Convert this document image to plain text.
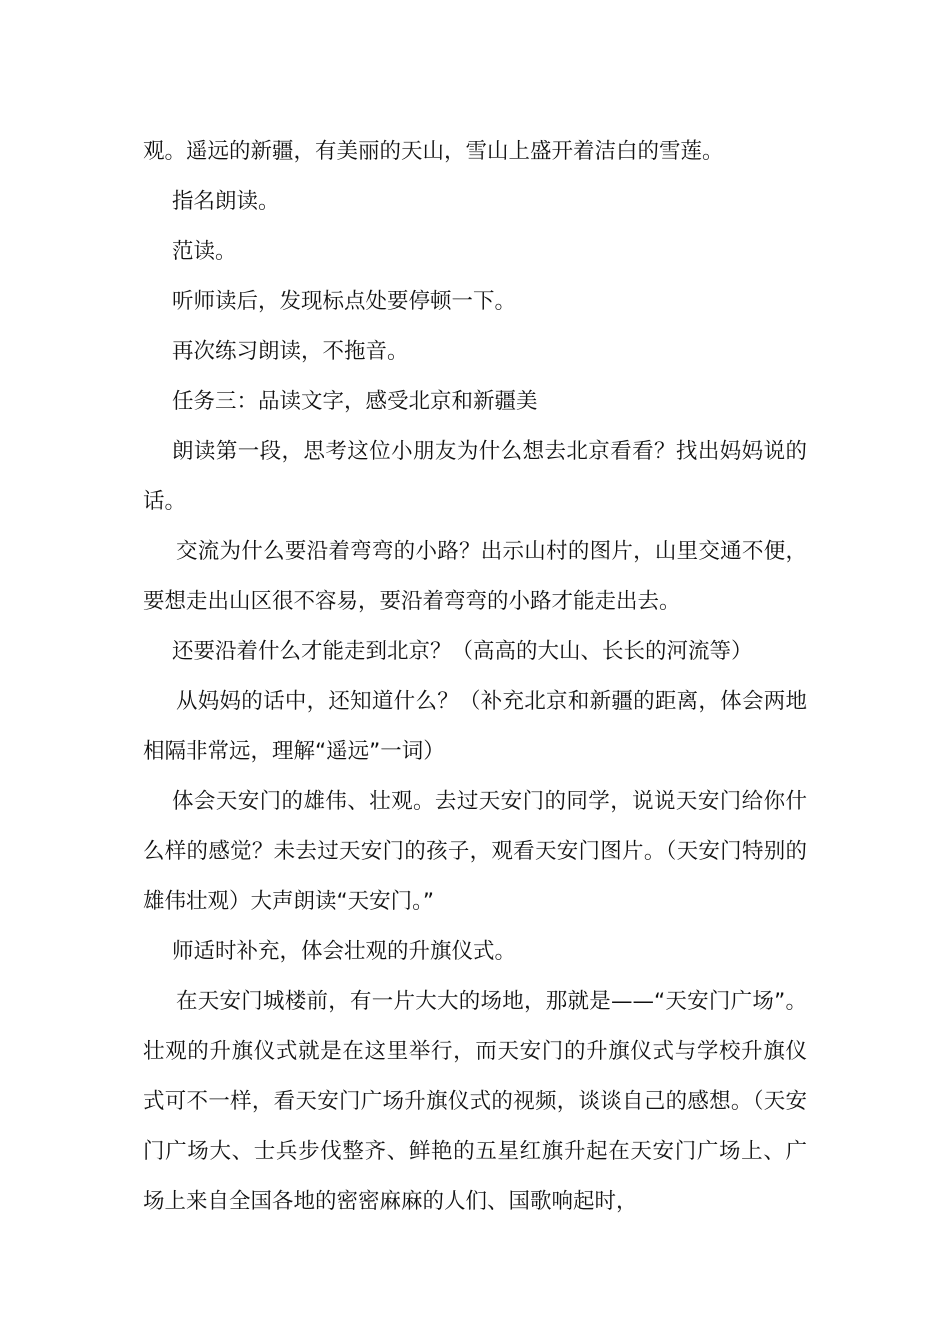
观。遥远的新疆，有美丽的天山，雪山上盛开着洁白的雪莲。

指名朗读。

范读。

听师读后，发现标点处要停顿一下。

再次练习朗读，不拖音。

任务三：品读文字，感受北京和新疆美

朗读第一段，思考这位小朋友为什么想去北京看看？找出妈妈说的话。

交流为什么要沿着弯弯的小路？出示山村的图片，山里交通不便，要想走出山区很不容易，要沿着弯弯的小路才能走出去。

还要沿着什么才能走到北京？（高高的大山、长长的河流等）

从妈妈的话中，还知道什么？（补充北京和新疆的距离，体会两地相隔非常远，理解“遥远”一词）

体会天安门的雄伟、壮观。去过天安门的同学，说说天安门给你什么样的感觉？未去过天安门的孩子，观看天安门图片。（天安门特别的雄伟壮观）大声朗读“天安门。”

师适时补充，体会壮观的升旗仪式。

在天安门城楼前，有一片大大的场地，那就是——“天安门广场”。壮观的升旗仪式就是在这里举行，而天安门的升旗仪式与学校升旗仪式可不一样，看天安门广场升旗仪式的视频，谈谈自己的感想。（天安门广场大、士兵步伐整齐、鲜艳的五星红旗升起在天安门广场上、广场上来自全国各地的密密麻麻的人们、国歌响起时，
